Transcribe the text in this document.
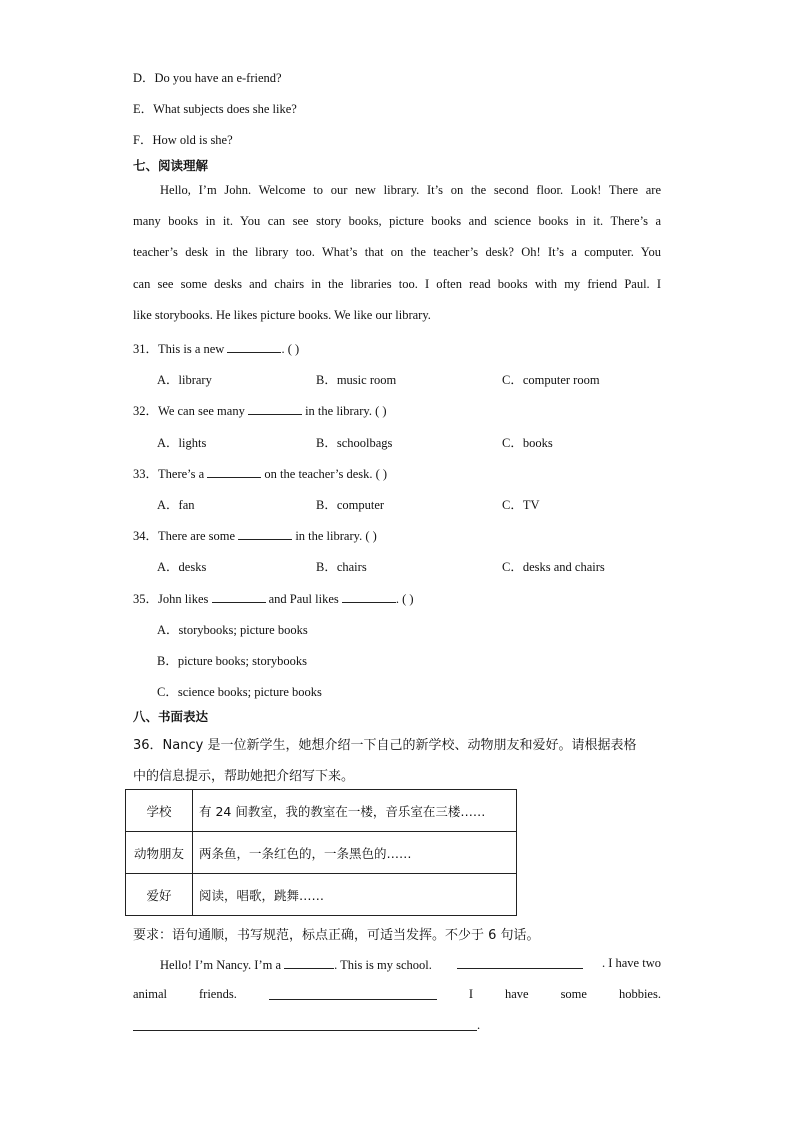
D．Do you have an e-friend?
E．What subjects does she like?
F．How old is she?
七、阅读理解
Hello, I’m John. Welcome to our new library. It’s on the second floor. Look! There are
many books in it. You can see story books, picture books and science books in it. There’s a
teacher’s desk in the library too. What’s that on the teacher’s desk? Oh! It’s a computer. You
can see some desks and chairs in the libraries too. I often read books with my friend Paul. I
like storybooks. He likes picture books. We like our library.
31．This is a new	. ( )
A．library	B．music room	C．computer room
32．We can see many	in the library. ( )
A．lights	B．schoolbags	C．books
33．There’s a	on the teacher’s desk. ( )
A．fan	B．computer	C．TV
34．There are some	in the library. ( )
A．desks	B．chairs	C．desks and chairs
35．John likes	and Paul likes	. ( )
A．storybooks; picture books
B．picture books; storybooks
C．science books; picture books
八、书面表达
36．Nancy 是一位新学生，她想介绍一下自己的新学校、动物朋友和爱好。请根据表格
中的信息提示，帮助她把介绍写下来。
学校	有 24 间教室，我的教室在一楼，音乐室在三楼……
动物朋友	两条鱼，一条红色的，一条黑色的……
爱好	阅读，唱歌，跳舞……
要求：语句通顺，书写规范，标点正确，可适当发挥。不少于 6 句话。
Hello! I’m Nancy. I’m a	. This is my school.	. I have two
animal	friends.	I	have	some	hobbies.
.
